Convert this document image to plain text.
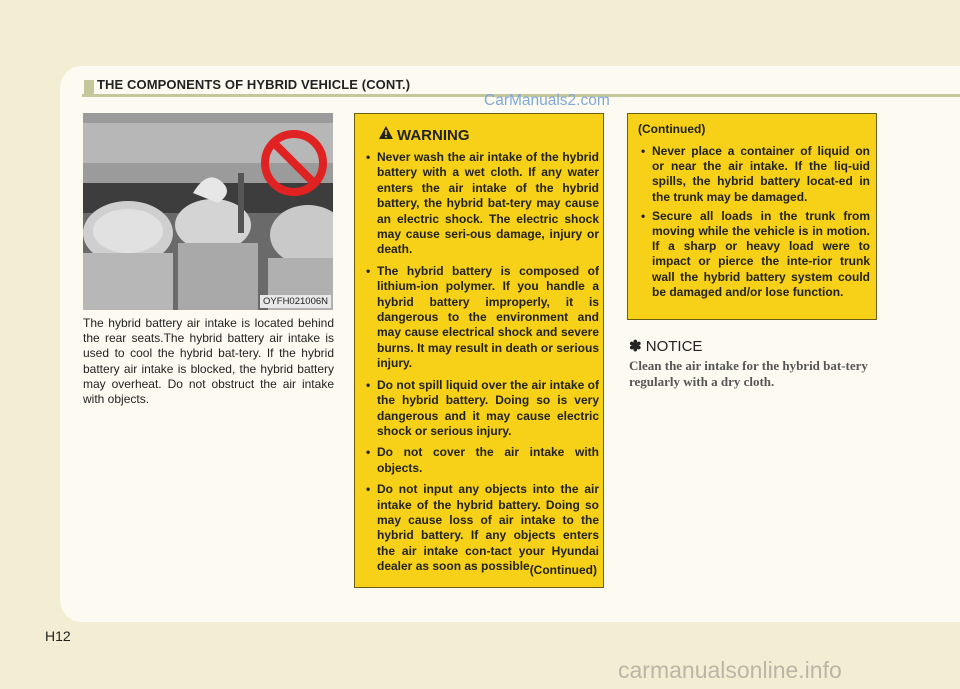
THE COMPONENTS OF HYBRID VEHICLE (CONT.)

CarManuals2.com

OYFH021006N

The hybrid battery air intake is located behind the rear seats.The hybrid battery air intake is used to cool the hybrid bat-tery. If the hybrid battery air intake is blocked, the hybrid battery may overheat. Do not obstruct the air intake with objects.

WARNING
• Never wash the air intake of the hybrid battery with a wet cloth. If any water enters the air intake of the hybrid battery, the hybrid bat-tery may cause an electric shock. The electric shock may cause seri-ous damage, injury or death.
• The hybrid battery is composed of lithium-ion polymer. If you handle a hybrid battery improperly, it is dangerous to the environment and may cause electrical shock and severe burns. It may result in death or serious injury.
• Do not spill liquid over the air intake of the hybrid battery. Doing so is very dangerous and it may cause electric shock or serious injury.
• Do not cover the air intake with objects.
• Do not input any objects into the air intake of the hybrid battery. Doing so may cause loss of air intake to the hybrid battery. If any objects enters the air intake con-tact your Hyundai dealer as soon as possible.
(Continued)
(Continued)
• Never place a container of liquid on or near the air intake. If the liq-uid spills, the hybrid battery locat-ed in the trunk may be damaged.
• Secure all loads in the trunk from moving while the vehicle is in motion. If a sharp or heavy load were to impact or pierce the inte-rior trunk wall the hybrid battery system could be damaged and/or lose function.
✽ NOTICE

Clean the air intake for the hybrid bat-tery regularly with a dry cloth.

H12
carmanualsonline.info
